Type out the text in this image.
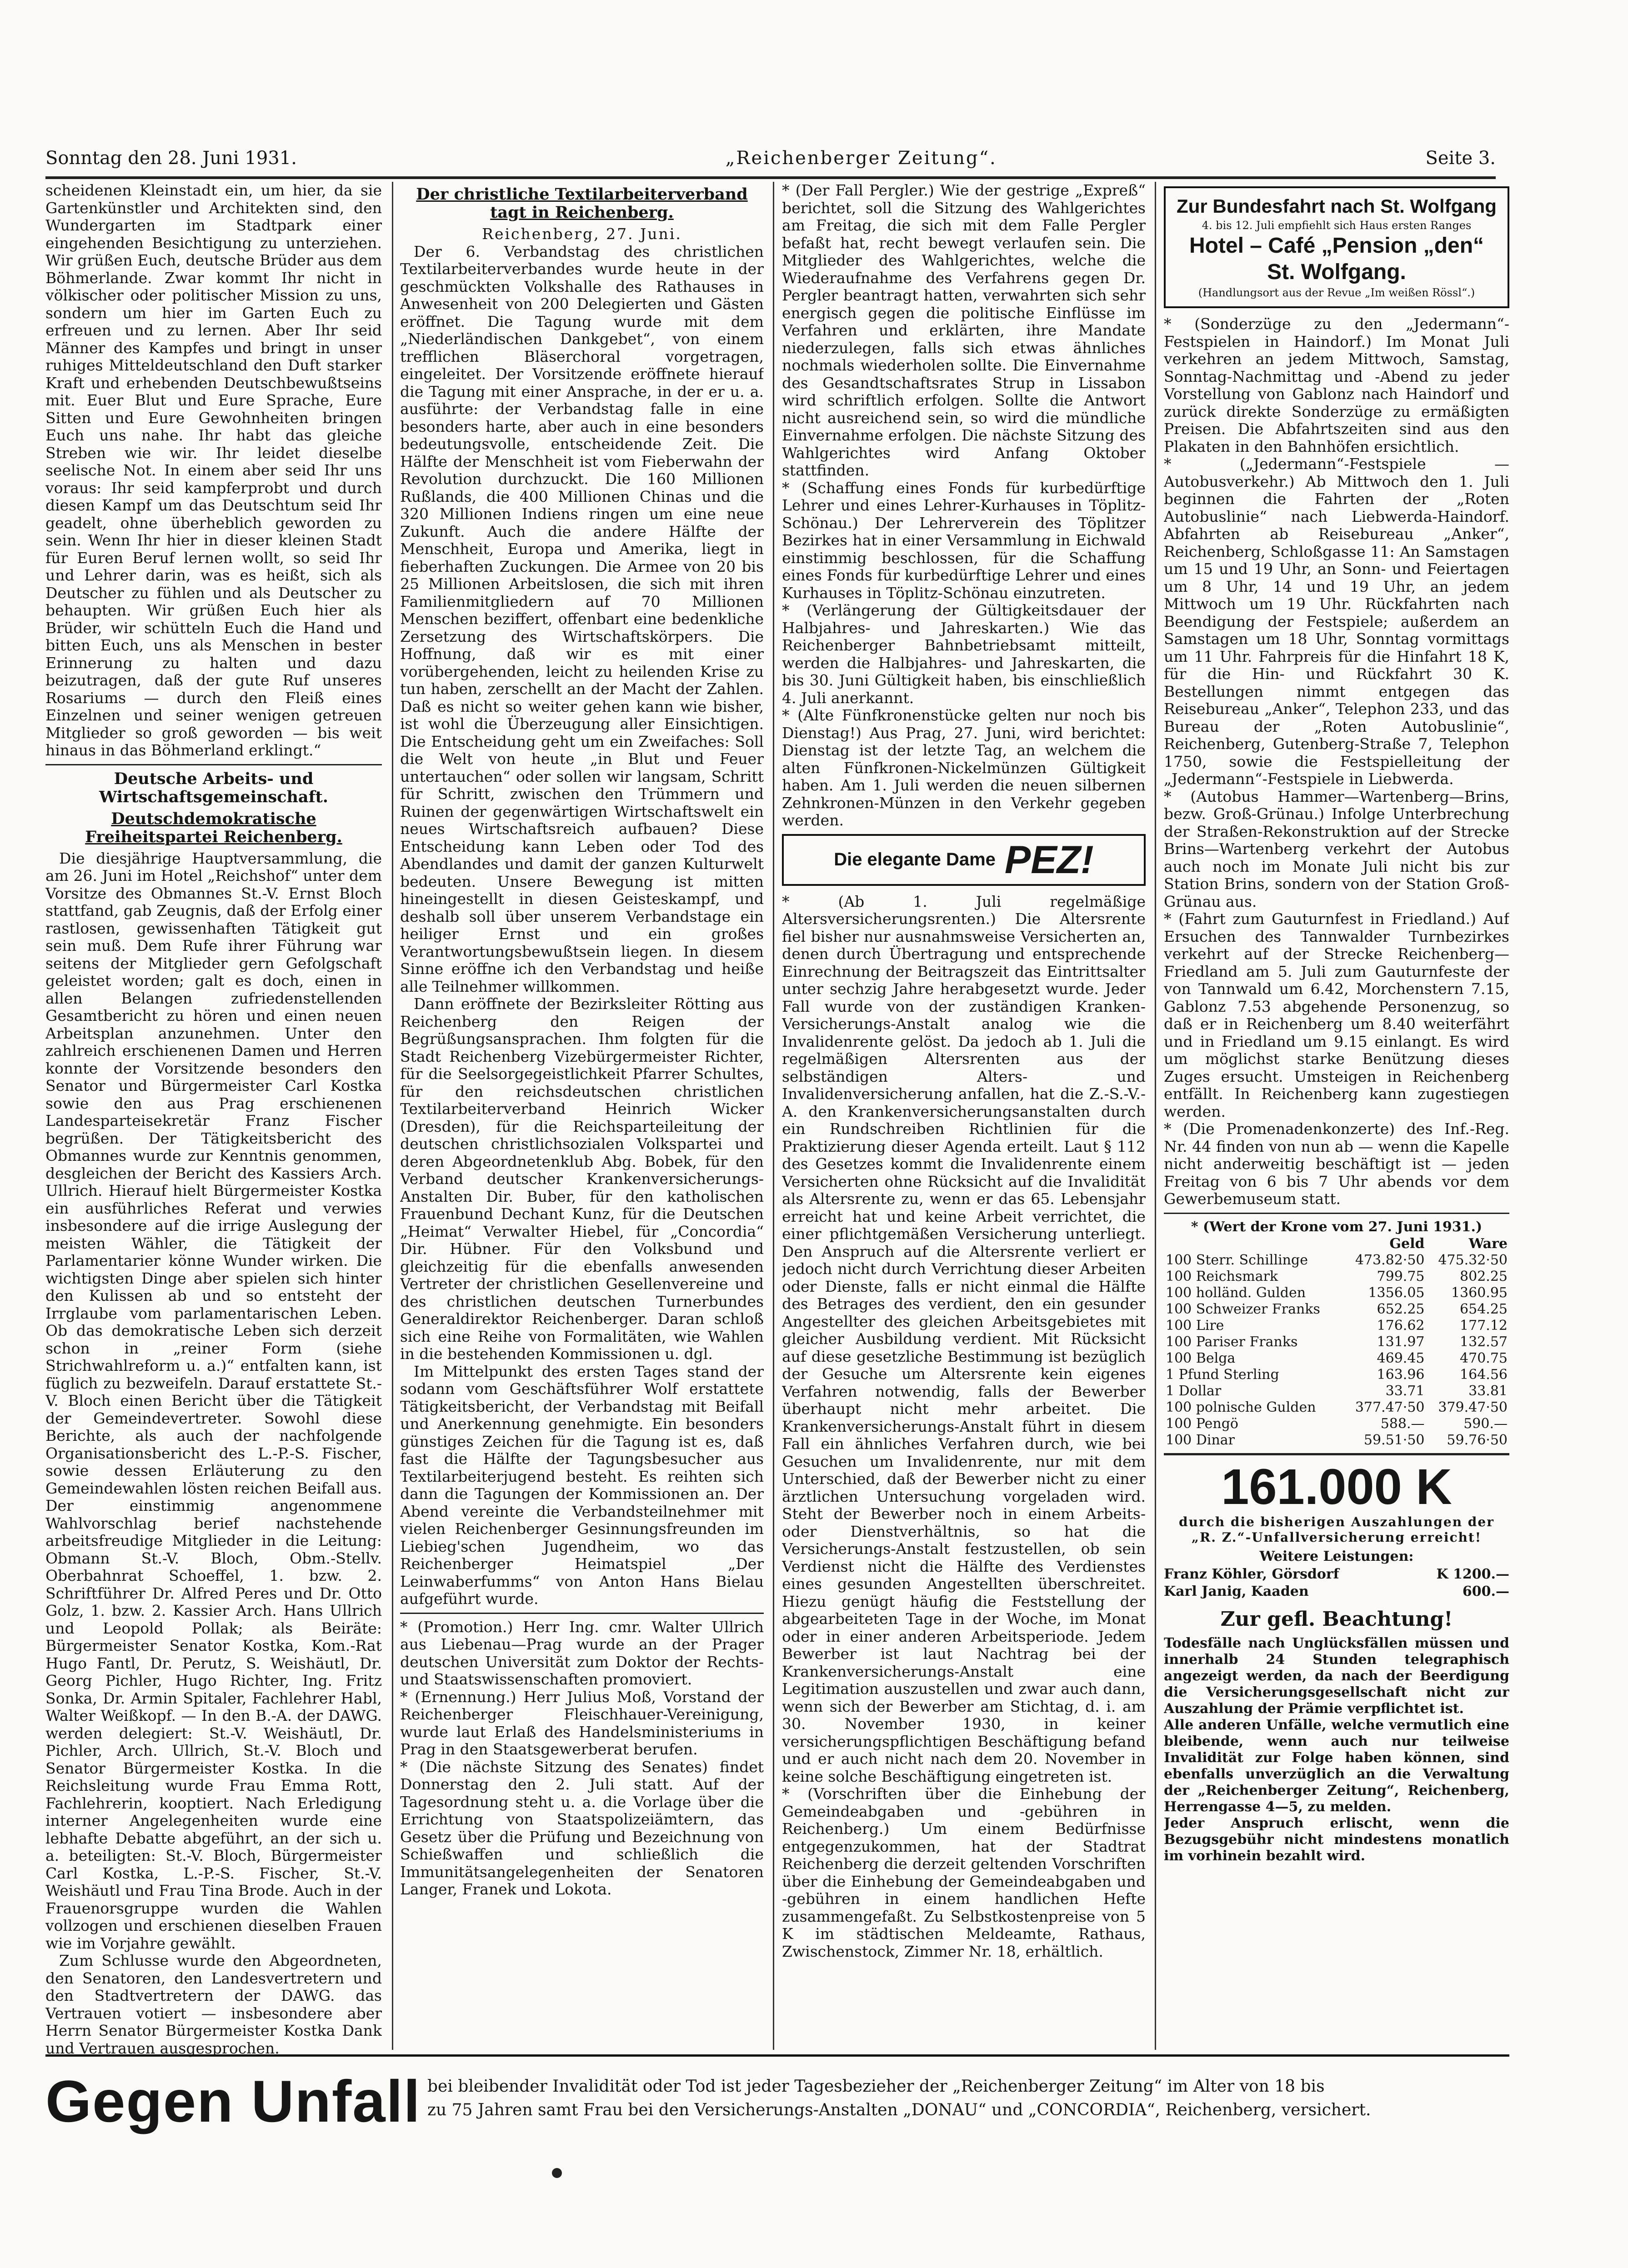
Sonntag den 28. Juni 1931.	„Reichenberger Zeitung“.	Seite 3.

scheidenen Kleinstadt ein, um hier, da sie Gartenkünstler und Architekten sind, den Wundergarten im Stadtpark einer eingehenden Besichtigung zu unterziehen. Wir grüßen Euch, deutsche Brüder aus dem Böhmerlande. Zwar kommt Ihr nicht in völkischer oder politischer Mission zu uns, sondern um hier im Garten Euch zu erfreuen und zu lernen. Aber Ihr seid Männer des Kampfes und bringt in unser ruhiges Mitteldeutschland den Duft starker Kraft und erhebenden Deutschbewußtseins mit. Euer Blut und Eure Sprache, Eure Sitten und Eure Gewohnheiten bringen Euch uns nahe. Ihr habt das gleiche Streben wie wir. Ihr leidet dieselbe seelische Not. In einem aber seid Ihr uns voraus: Ihr seid kampferprobt und durch diesen Kampf um das Deutschtum seid Ihr geadelt, ohne überheblich geworden zu sein. Wenn Ihr hier in dieser kleinen Stadt für Euren Beruf lernen wollt, so seid Ihr und Lehrer darin, was es heißt, sich als Deutscher zu fühlen und als Deutscher zu behaupten. Wir grüßen Euch hier als Brüder, wir schütteln Euch die Hand und bitten Euch, uns als Menschen in bester Erinnerung zu halten und dazu beizutragen, daß der gute Ruf unseres Rosariums — durch den Fleiß eines Einzelnen und seiner wenigen getreuen Mitglieder so groß geworden — bis weit hinaus in das Böhmerland erklingt.“

Deutsche Arbeits- und Wirtschaftsgemeinschaft.
Deutschdemokratische Freiheitspartei Reichenberg.

Die diesjährige Hauptversammlung, die am 26. Juni im Hotel „Reichshof“ unter dem Vorsitze des Obmannes St.-V. Ernst Bloch stattfand, gab Zeugnis, daß der Erfolg einer rastlosen, gewissenhaften Tätigkeit gut sein muß. Dem Rufe ihrer Führung war seitens der Mitglieder gern Gefolgschaft geleistet worden; galt es doch, einen in allen Belangen zufriedenstellenden Gesamtbericht zu hören und einen neuen Arbeitsplan anzunehmen. Unter den zahlreich erschienenen Damen und Herren konnte der Vorsitzende besonders den Senator und Bürgermeister Carl Kostka sowie den aus Prag erschienenen Landesparteisekretär Franz Fischer begrüßen. Der Tätigkeitsbericht des Obmannes wurde zur Kenntnis genommen, desgleichen der Bericht des Kassiers Arch. Ullrich. Hierauf hielt Bürgermeister Kostka ein ausführliches Referat und verwies insbesondere auf die irrige Auslegung der meisten Wähler, die Tätigkeit der Parlamentarier könne Wunder wirken. Die wichtigsten Dinge aber spielen sich hinter den Kulissen ab und so entsteht der Irrglaube vom parlamentarischen Leben. Ob das demokratische Leben sich derzeit schon in „reiner Form (siehe Strichwahlreform u. a.)“ entfalten kann, ist füglich zu bezweifeln. Darauf erstattete St.-V. Bloch einen Bericht über die Tätigkeit der Gemeindevertreter. Sowohl diese Berichte, als auch der nachfolgende Organisationsbericht des L.-P.-S. Fischer, sowie dessen Erläuterung zu den Gemeindewahlen lösten reichen Beifall aus. Der einstimmig angenommene Wahlvorschlag berief nachstehende arbeitsfreudige Mitglieder in die Leitung: Obmann St.-V. Bloch, Obm.-Stellv. Oberbahnrat Schoeffel, 1. bzw. 2. Schriftführer Dr. Alfred Peres und Dr. Otto Golz, 1. bzw. 2. Kassier Arch. Hans Ullrich und Leopold Pollak; als Beiräte: Bürgermeister Senator Kostka, Kom.-Rat Hugo Fantl, Dr. Perutz, S. Weishäutl, Dr. Georg Pichler, Hugo Richter, Ing. Fritz Sonka, Dr. Armin Spitaler, Fachlehrer Habl, Walter Weißkopf. — In den B.-A. der DAWG. werden delegiert: St.-V. Weishäutl, Dr. Pichler, Arch. Ullrich, St.-V. Bloch und Senator Bürgermeister Kostka. In die Reichsleitung wurde Frau Emma Rott, Fachlehrerin, kooptiert. Nach Erledigung interner Angelegenheiten wurde eine lebhafte Debatte abgeführt, an der sich u. a. beteiligten: St.-V. Bloch, Bürgermeister Carl Kostka, L.-P.-S. Fischer, St.-V. Weishäutl und Frau Tina Brode. Auch in der Frauenorsgruppe wurden die Wahlen vollzogen und erschienen dieselben Frauen wie im Vorjahre gewählt.

Zum Schlusse wurde den Abgeordneten, den Senatoren, den Landesvertretern und den Stadtvertretern der DAWG. das Vertrauen votiert — insbesondere aber Herrn Senator Bürgermeister Kostka Dank und Vertrauen ausgesprochen.

Der christliche Textilarbeiterverband tagt in Reichenberg.
Reichenberg, 27. Juni.

Der 6. Verbandstag des christlichen Textilarbeiterverbandes wurde heute in der geschmückten Volkshalle des Rathauses in Anwesenheit von 200 Delegierten und Gästen eröffnet. Die Tagung wurde mit dem „Niederländischen Dankgebet“, von einem trefflichen Bläserchoral vorgetragen, eingeleitet. Der Vorsitzende eröffnete hierauf die Tagung mit einer Ansprache, in der er u. a. ausführte: der Verbandstag falle in eine besonders harte, aber auch in eine besonders bedeutungsvolle, entscheidende Zeit. Die Hälfte der Menschheit ist vom Fieberwahn der Revolution durchzuckt. Die 160 Millionen Rußlands, die 400 Millionen Chinas und die 320 Millionen Indiens ringen um eine neue Zukunft. Auch die andere Hälfte der Menschheit, Europa und Amerika, liegt in fieberhaften Zuckungen. Die Armee von 20 bis 25 Millionen Arbeitslosen, die sich mit ihren Familienmitgliedern auf 70 Millionen Menschen beziffert, offenbart eine bedenkliche Zersetzung des Wirtschaftskörpers. Die Hoffnung, daß wir es mit einer vorübergehenden, leicht zu heilenden Krise zu tun haben, zerschellt an der Macht der Zahlen. Daß es nicht so weiter gehen kann wie bisher, ist wohl die Überzeugung aller Einsichtigen. Die Entscheidung geht um ein Zweifaches: Soll die Welt von heute „in Blut und Feuer untertauchen“ oder sollen wir langsam, Schritt für Schritt, zwischen den Trümmern und Ruinen der gegenwärtigen Wirtschaftswelt ein neues Wirtschaftsreich aufbauen? Diese Entscheidung kann Leben oder Tod des Abendlandes und damit der ganzen Kulturwelt bedeuten. Unsere Bewegung ist mitten hineingestellt in diesen Geisteskampf, und deshalb soll über unserem Verbandstage ein heiliger Ernst und ein großes Verantwortungsbewußtsein liegen. In diesem Sinne eröffne ich den Verbandstag und heiße alle Teilnehmer willkommen.

Dann eröffnete der Bezirksleiter Rötting aus Reichenberg den Reigen der Begrüßungsansprachen. Ihm folgten für die Stadt Reichenberg Vizebürgermeister Richter, für die Seelsorgegeistlichkeit Pfarrer Schultes, für den reichsdeutschen christlichen Textilarbeiterverband Heinrich Wicker (Dresden), für die Reichsparteileitung der deutschen christlichsozialen Volkspartei und deren Abgeordnetenklub Abg. Bobek, für den Verband deutscher Krankenversicherungs-Anstalten Dir. Buber, für den katholischen Frauenbund Dechant Kunz, für die Deutschen „Heimat“ Verwalter Hiebel, für „Concordia“ Dir. Hübner. Für den Volksbund und gleichzeitig für die ebenfalls anwesenden Vertreter der christlichen Gesellenvereine und des christlichen deutschen Turnerbundes Generaldirektor Reichenberger. Daran schloß sich eine Reihe von Formalitäten, wie Wahlen in die bestehenden Kommissionen u. dgl.

Im Mittelpunkt des ersten Tages stand der sodann vom Geschäftsführer Wolf erstattete Tätigkeitsbericht, der Verbandstag mit Beifall und Anerkennung genehmigte. Ein besonders günstiges Zeichen für die Tagung ist es, daß fast die Hälfte der Tagungsbesucher aus Textilarbeiterjugend besteht. Es reihten sich dann die Tagungen der Kommissionen an. Der Abend vereinte die Verbandsteilnehmer mit vielen Reichenberger Gesinnungsfreunden im Liebieg'schen Jugendheim, wo das Reichenberger Heimatspiel „Der Leinwaberfumms“ von Anton Hans Bielau aufgeführt wurde.

* (Promotion.) Herr Ing. cmr. Walter Ullrich aus Liebenau—Prag wurde an der Prager deutschen Universität zum Doktor der Rechts- und Staatswissenschaften promoviert.

* (Ernennung.) Herr Julius Moß, Vorstand der Reichenberger Fleischhauer-Vereinigung, wurde laut Erlaß des Handelsministeriums in Prag in den Staatsgewerberat berufen.

* (Die nächste Sitzung des Senates) findet Donnerstag den 2. Juli statt. Auf der Tagesordnung steht u. a. die Vorlage über die Errichtung von Staatspolizeiämtern, das Gesetz über die Prüfung und Bezeichnung von Schießwaffen und schließlich die Immunitätsangelegenheiten der Senatoren Langer, Franek und Lokota.

* (Der Fall Pergler.) Wie der gestrige „Expreß“ berichtet, soll die Sitzung des Wahlgerichtes am Freitag, die sich mit dem Falle Pergler befaßt hat, recht bewegt verlaufen sein. Die Mitglieder des Wahlgerichtes, welche die Wiederaufnahme des Verfahrens gegen Dr. Pergler beantragt hatten, verwahrten sich sehr energisch gegen die politische Einflüsse im Verfahren und erklärten, ihre Mandate niederzulegen, falls sich etwas ähnliches nochmals wiederholen sollte. Die Einvernahme des Gesandtschaftsrates Strup in Lissabon wird schriftlich erfolgen. Sollte die Antwort nicht ausreichend sein, so wird die mündliche Einvernahme erfolgen. Die nächste Sitzung des Wahlgerichtes wird Anfang Oktober stattfinden.

* (Schaffung eines Fonds für kurbedürftige Lehrer und eines Lehrer-Kurhauses in Töplitz-Schönau.) Der Lehrerverein des Töplitzer Bezirkes hat in einer Versammlung in Eichwald einstimmig beschlossen, für die Schaffung eines Fonds für kurbedürftige Lehrer und eines Kurhauses in Töplitz-Schönau einzutreten.

* (Verlängerung der Gültigkeitsdauer der Halbjahres- und Jahreskarten.) Wie das Reichenberger Bahnbetriebsamt mitteilt, werden die Halbjahres- und Jahreskarten, die bis 30. Juni Gültigkeit haben, bis einschließlich 4. Juli anerkannt.

* (Alte Fünfkronenstücke gelten nur noch bis Dienstag!) Aus Prag, 27. Juni, wird berichtet: Dienstag ist der letzte Tag, an welchem die alten Fünfkronen-Nickelmünzen Gültigkeit haben. Am 1. Juli werden die neuen silbernen Zehnkronen-Münzen in den Verkehr gegeben werden.

Die elegante Dame PEZ!

* (Ab 1. Juli regelmäßige Altersversicherungsrenten.) Die Altersrente fiel bisher nur ausnahmsweise Versicherten an, denen durch Übertragung und entsprechende Einrechnung der Beitragszeit das Eintrittsalter unter sechzig Jahre herabgesetzt wurde. Jeder Fall wurde von der zuständigen Kranken-Versicherungs-Anstalt analog wie die Invalidenrente gelöst. Da jedoch ab 1. Juli die regelmäßigen Altersrenten aus der selbständigen Alters- und Invalidenversicherung anfallen, hat die Z.-S.-V.-A. den Krankenversicherungsanstalten durch ein Rundschreiben Richtlinien für die Praktizierung dieser Agenda erteilt. Laut § 112 des Gesetzes kommt die Invalidenrente einem Versicherten ohne Rücksicht auf die Invalidität als Altersrente zu, wenn er das 65. Lebensjahr erreicht hat und keine Arbeit verrichtet, die einer pflichtgemäßen Versicherung unterliegt. Den Anspruch auf die Altersrente verliert er jedoch nicht durch Verrichtung dieser Arbeiten oder Dienste, falls er nicht einmal die Hälfte des Betrages des verdient, den ein gesunder Angestellter des gleichen Arbeitsgebietes mit gleicher Ausbildung verdient. Mit Rücksicht auf diese gesetzliche Bestimmung ist bezüglich der Gesuche um Altersrente kein eigenes Verfahren notwendig, falls der Bewerber überhaupt nicht mehr arbeitet. Die Krankenversicherungs-Anstalt führt in diesem Fall ein ähnliches Verfahren durch, wie bei Gesuchen um Invalidenrente, nur mit dem Unterschied, daß der Bewerber nicht zu einer ärztlichen Untersuchung vorgeladen wird. Steht der Bewerber noch in einem Arbeits- oder Dienstverhältnis, so hat die Versicherungs-Anstalt festzustellen, ob sein Verdienst nicht die Hälfte des Verdienstes eines gesunden Angestellten überschreitet. Hiezu genügt häufig die Feststellung der abgearbeiteten Tage in der Woche, im Monat oder in einer anderen Arbeitsperiode. Jedem Bewerber ist laut Nachtrag bei der Krankenversicherungs-Anstalt eine Legitimation auszustellen und zwar auch dann, wenn sich der Bewerber am Stichtag, d. i. am 30. November 1930, in keiner versicherungspflichtigen Beschäftigung befand und er auch nicht nach dem 20. November in keine solche Beschäftigung eingetreten ist.

* (Vorschriften über die Einhebung der Gemeindeabgaben und -gebühren in Reichenberg.) Um einem Bedürfnisse entgegenzukommen, hat der Stadtrat Reichenberg die derzeit geltenden Vorschriften über die Einhebung der Gemeindeabgaben und -gebühren in einem handlichen Hefte zusammengefaßt. Zu Selbstkostenpreise von 5 K im städtischen Meldeamte, Rathaus, Zwischenstock, Zimmer Nr. 18, erhältlich.

Zur Bundesfahrt nach St. Wolfgang
4. bis 12. Juli empfiehlt sich Haus ersten Ranges
Hotel – Café „Pension „den“
St. Wolfgang.
(Handlungsort aus der Revue „Im weißen Rössl“.)

* (Sonderzüge zu den „Jedermann“-Festspielen in Haindorf.) Im Monat Juli verkehren an jedem Mittwoch, Samstag, Sonntag-Nachmittag und -Abend zu jeder Vorstellung von Gablonz nach Haindorf und zurück direkte Sonderzüge zu ermäßigten Preisen. Die Abfahrtszeiten sind aus den Plakaten in den Bahnhöfen ersichtlich.

* („Jedermann“-Festspiele — Autobusverkehr.) Ab Mittwoch den 1. Juli beginnen die Fahrten der „Roten Autobuslinie“ nach Liebwerda-Haindorf. Abfahrten ab Reisebureau „Anker“, Reichenberg, Schloßgasse 11: An Samstagen um 15 und 19 Uhr, an Sonn- und Feiertagen um 8 Uhr, 14 und 19 Uhr, an jedem Mittwoch um 19 Uhr. Rückfahrten nach Beendigung der Festspiele; außerdem an Samstagen um 18 Uhr, Sonntag vormittags um 11 Uhr. Fahrpreis für die Hinfahrt 18 K, für die Hin- und Rückfahrt 30 K. Bestellungen nimmt entgegen das Reisebureau „Anker“, Telephon 233, und das Bureau der „Roten Autobuslinie“, Reichenberg, Gutenberg-Straße 7, Telephon 1750, sowie die Festspielleitung der „Jedermann“-Festspiele in Liebwerda.

* (Autobus Hammer—Wartenberg—Brins, bezw. Groß-Grünau.) Infolge Unterbrechung der Straßen-Rekonstruktion auf der Strecke Brins—Wartenberg verkehrt der Autobus auch noch im Monate Juli nicht bis zur Station Brins, sondern von der Station Groß-Grünau aus.

* (Fahrt zum Gauturnfest in Friedland.) Auf Ersuchen des Tannwalder Turnbezirkes verkehrt auf der Strecke Reichenberg—Friedland am 5. Juli zum Gauturnfeste der von Tannwald um 6.42, Morchenstern 7.15, Gablonz 7.53 abgehende Personenzug, so daß er in Reichenberg um 8.40 weiterfährt und in Friedland um 9.15 einlangt. Es wird um möglichst starke Benützung dieses Zuges ersucht. Umsteigen in Reichenberg entfällt. In Reichenberg kann zugestiegen werden.

* (Die Promenadenkonzerte) des Inf.-Reg. Nr. 44 finden von nun ab — wenn die Kapelle nicht anderweitig beschäftigt ist — jeden Freitag von 6 bis 7 Uhr abends vor dem Gewerbemuseum statt.

* (Wert der Krone vom 27. Juni 1931.)
	Geld	Ware
100 Sterr. Schillinge	473.82·50	475.32·50
100 Reichsmark	799.75	802.25
100 holländ. Gulden	1356.05	1360.95
100 Schweizer Franks	652.25	654.25
100 Lire	176.62	177.12
100 Pariser Franks	131.97	132.57
100 Belga	469.45	470.75
1 Pfund Sterling	163.96	164.56
1 Dollar	33.71	33.81
100 polnische Gulden	377.47·50	379.47·50
100 Pengö	588.—	590.—
100 Dinar	59.51·50	59.76·50
161.000 K
durch die bisherigen Auszahlungen der „R. Z.“-Unfallversicherung erreicht!
Weitere Leistungen:
Franz Köhler, Görsdorf	K 1200.—
Karl Janig, Kaaden	600.—
Zur gefl. Beachtung!

Todesfälle nach Unglücksfällen müssen und innerhalb 24 Stunden telegraphisch angezeigt werden, da nach der Beerdigung die Versicherungsgesellschaft nicht zur Auszahlung der Prämie verpflichtet ist.

Alle anderen Unfälle, welche vermutlich eine bleibende, wenn auch nur teilweise Invalidität zur Folge haben können, sind ebenfalls unverzüglich an die Verwaltung der „Reichenberger Zeitung“, Reichenberg, Herrengasse 4—5, zu melden.

Jeder Anspruch erlischt, wenn die Bezugsgebühr nicht mindestens monatlich im vorhinein bezahlt wird.

Gegen Unfall bei bleibender Invalidität oder Tod ist jeder Tagesbezieher der „Reichenberger Zeitung“ im Alter von 18 bis
zu 75 Jahren samt Frau bei den Versicherungs-Anstalten „DONAU“ und „CONCORDIA“, Reichenberg, versichert.
